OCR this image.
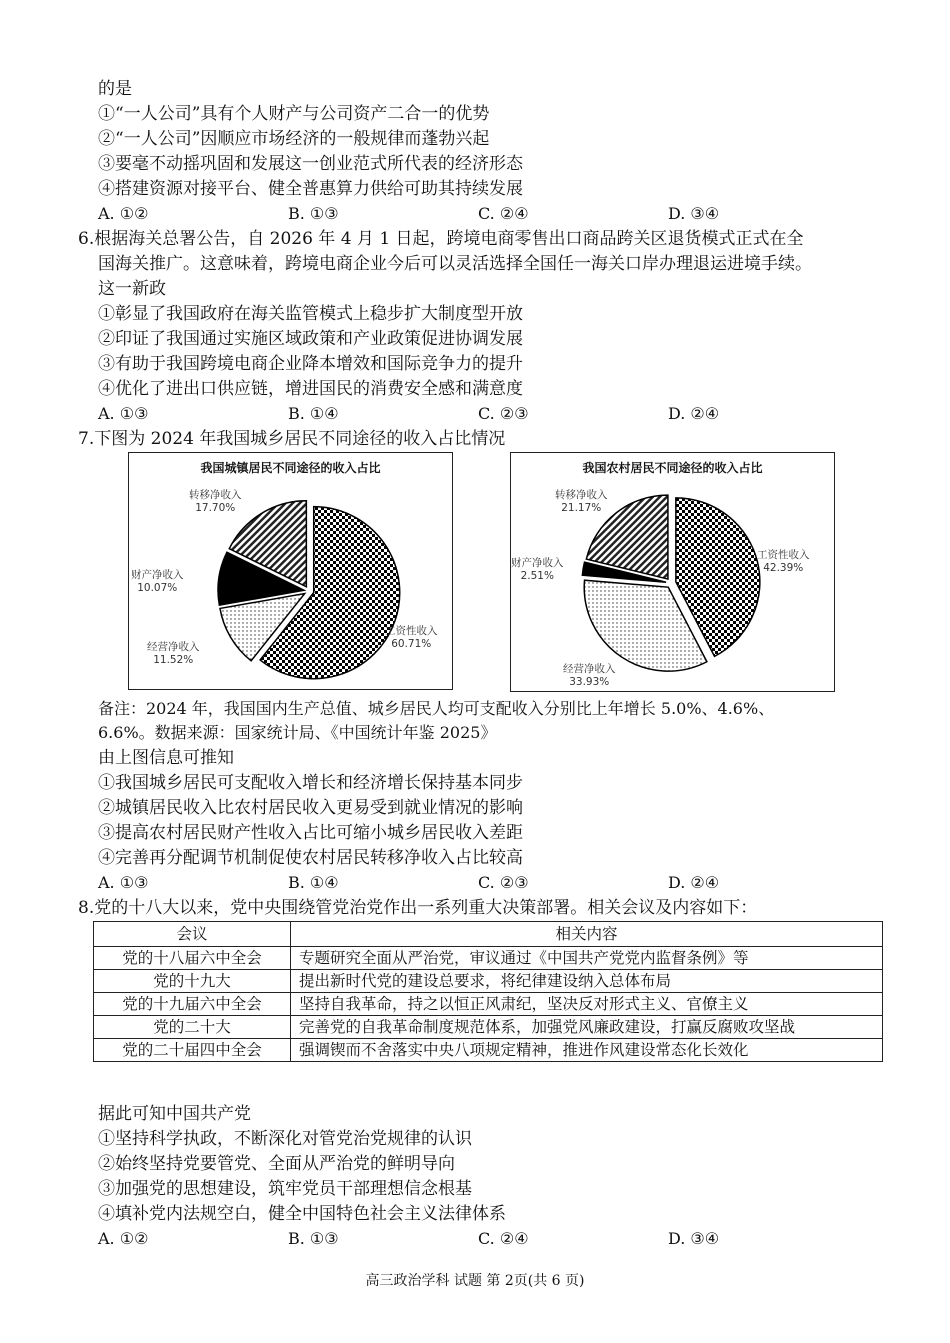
的是
①“一人公司”具有个人财产与公司资产二合一的优势
②“一人公司”因顺应市场经济的一般规律而蓬勃兴起
③要毫不动摇巩固和发展这一创业范式所代表的经济形态
④搭建资源对接平台、健全普惠算力供给可助其持续发展
A. ①②	B. ①③	C. ②④	D. ③④
6.根据海关总署公告，自 2026 年 4 月 1 日起，跨境电商零售出口商品跨关区退货模式正式在全
国海关推广。这意味着，跨境电商企业今后可以灵活选择全国任一海关口岸办理退运进境手续。
这一新政
①彰显了我国政府在海关监管模式上稳步扩大制度型开放
②印证了我国通过实施区域政策和产业政策促进协调发展
③有助于我国跨境电商企业降本增效和国际竞争力的提升
④优化了进出口供应链，增进国民的消费安全感和满意度
A. ①③	B. ①④	C. ②③	D. ②④
7.下图为 2024 年我国城乡居民不同途径的收入占比情况
我国城镇居民不同途径的收入占比
转移净收入
17.70%
财产净收入
10.07%
经营净收入
11.52%
工资性收入
60.71%
我国农村居民不同途径的收入占比
转移净收入
21.17%
财产净收入
2.51%
经营净收入
33.93%
工资性收入
42.39%
备注：2024 年，我国国内生产总值、城乡居民人均可支配收入分别比上年增长 5.0%、4.6%、
6.6%。数据来源：国家统计局、《中国统计年鉴 2025》
由上图信息可推知
①我国城乡居民可支配收入增长和经济增长保持基本同步
②城镇居民收入比农村居民收入更易受到就业情况的影响
③提高农村居民财产性收入占比可缩小城乡居民收入差距
④完善再分配调节机制促使农村居民转移净收入占比较高
A. ①③	B. ①④	C. ②③	D. ②④
8.党的十八大以来，党中央围绕管党治党作出一系列重大决策部署。相关会议及内容如下：
会议	相关内容
党的十八届六中全会	专题研究全面从严治党，审议通过《中国共产党党内监督条例》等
党的十九大	提出新时代党的建设总要求，将纪律建设纳入总体布局
党的十九届六中全会	坚持自我革命，持之以恒正风肃纪，坚决反对形式主义、官僚主义
党的二十大	完善党的自我革命制度规范体系，加强党风廉政建设，打赢反腐败攻坚战
党的二十届四中全会	强调锲而不舍落实中央八项规定精神，推进作风建设常态化长效化
据此可知中国共产党
①坚持科学执政，不断深化对管党治党规律的认识
②始终坚持党要管党、全面从严治党的鲜明导向
③加强党的思想建设，筑牢党员干部理想信念根基
④填补党内法规空白，健全中国特色社会主义法律体系
A. ①②	B. ①③	C. ②④	D. ③④
高三政治学科 试题 第 2页(共 6 页)
